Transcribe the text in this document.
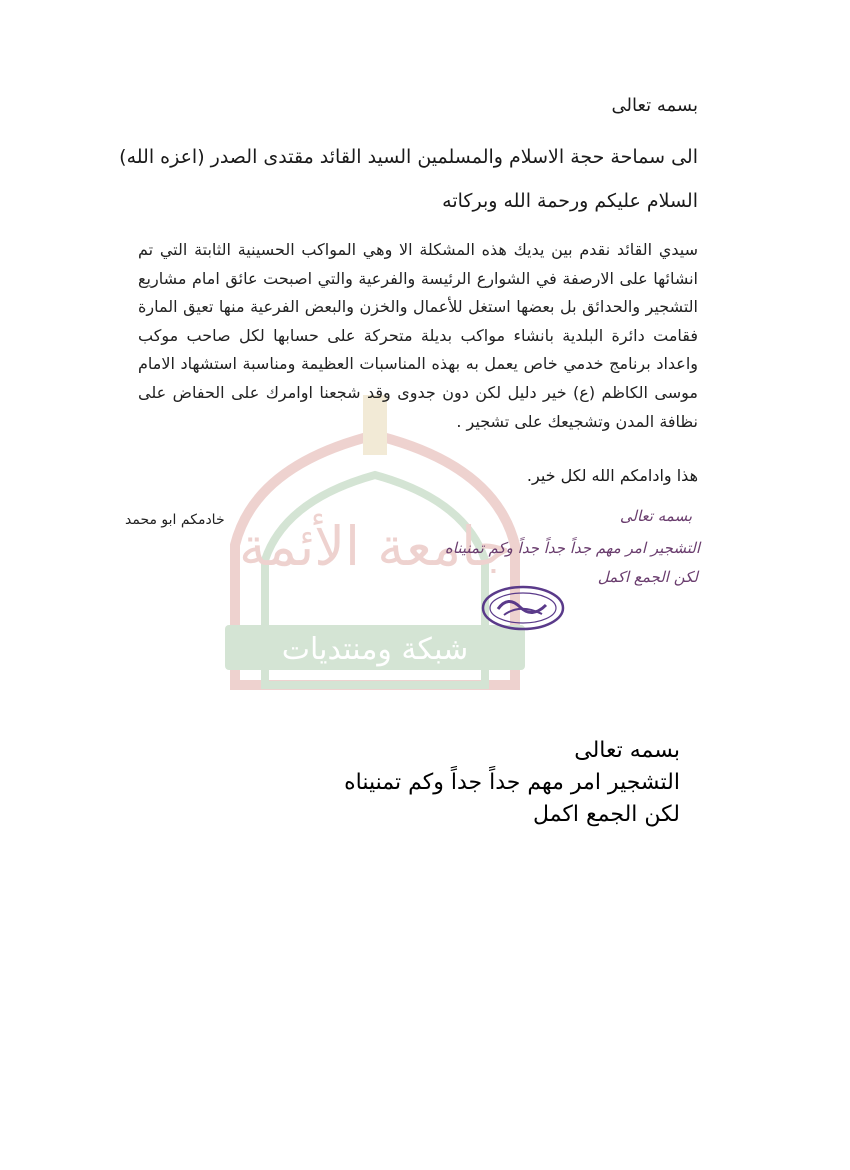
جامعة الأئمة
شبكة ومنتديات
بسمه تعالى
الى سماحة حجة الاسلام والمسلمين السيد القائد مقتدى الصدر (اعزه الله)
السلام عليكم ورحمة الله وبركاته
سيدي القائد نقدم بين يديك هذه المشكلة الا وهي المواكب الحسينية الثابتة التي تم انشائها على الارصفة في الشوارع الرئيسة والفرعية والتي اصبحت عائق امام مشاريع التشجير والحدائق بل بعضها استغل للأعمال والخزن والبعض الفرعية منها تعيق المارة فقامت دائرة البلدية بانشاء مواكب بديلة متحركة على حسابها لكل صاحب موكب واعداد برنامج خدمي خاص يعمل به بهذه المناسبات العظيمة ومناسبة استشهاد الامام موسى الكاظم (ع) خير دليل لكن دون جدوى وقد شجعنا اوامرك على الحفاض على نظافة المدن وتشجيعك على تشجير .
هذا وادامكم الله لكل خير.
خادمكم ابو محمد	بسمه تعالى
التشجير امر مهم جداً جداً جداً وكم تمنيناه
لكن الجمع اكمل
بسمه تعالى
التشجير امر مهم جداً جداً وكم تمنيناه
لكن الجمع اكمل
